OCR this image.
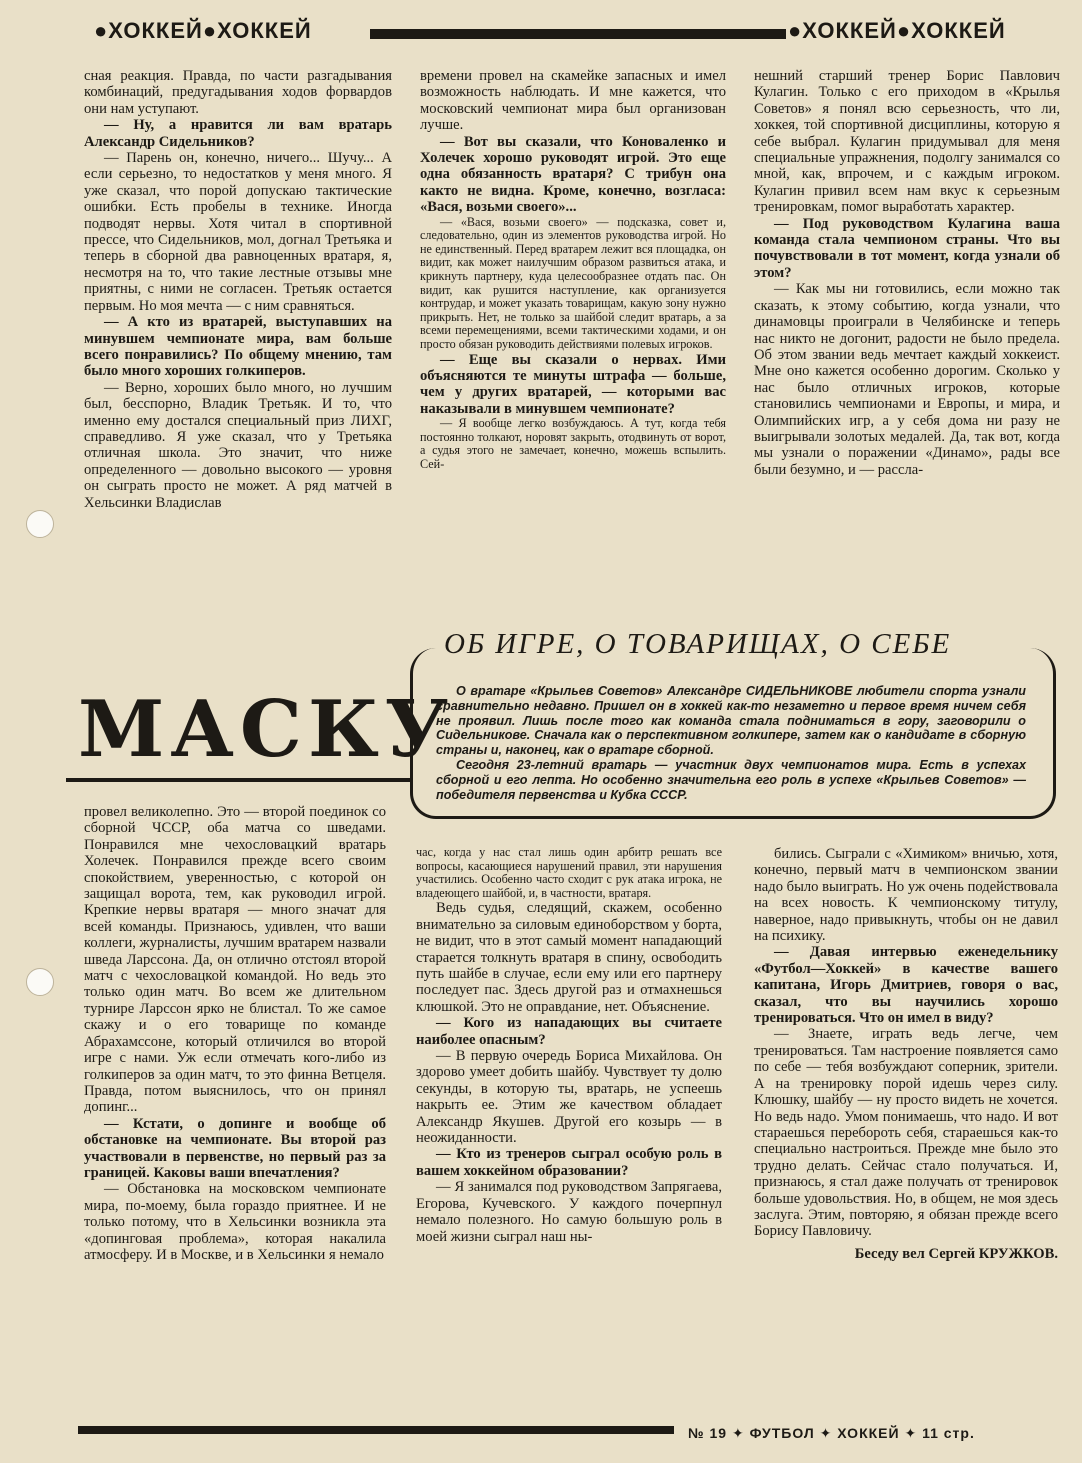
●ХОККЕЙ●ХОККЕЙ	●ХОККЕЙ●ХОККЕЙ

сная реакция. Правда, по части разгадывания комбинаций, предугадывания ходов форвардов они нам уступают.

— Ну, а нравится ли вам вратарь Александр Сидельников?

— Парень он, конечно, ничего... Шучу... А если серьезно, то недостатков у меня много. Я уже сказал, что порой допускаю тактические ошибки. Есть пробелы в технике. Иногда подводят нервы. Хотя читал в спортивной прессе, что Сидельников, мол, догнал Третьяка и теперь в сборной два равноценных вратаря, я, несмотря на то, что такие лестные отзывы мне приятны, с ними не согласен. Третьяк остается первым. Но моя мечта — с ним сравняться.

— А кто из вратарей, выступавших на минувшем чемпионате мира, вам больше всего понравились? По общему мнению, там было много хороших голкиперов.

— Верно, хороших было много, но лучшим был, бесспорно, Владик Третьяк. И то, что именно ему достался специальный приз ЛИХГ, справедливо. Я уже сказал, что у Третьяка отличная школа. Это значит, что ниже определенного — довольно высокого — уровня он сыграть просто не может. А ряд матчей в Хельсинки Владислав

времени провел на скамейке запасных и имел возможность наблюдать. И мне кажется, что московский чемпионат мира был организован лучше.

— Вот вы сказали, что Коноваленко и Холечек хорошо руководят игрой. Это еще одна обязанность вратаря? С трибун она както не видна. Кроме, конечно, возгласа: «Вася, возьми своего»...

— «Вася, возьми своего» — подсказка, совет и, следовательно, один из элементов руководства игрой. Но не единственный. Перед вратарем лежит вся площадка, он видит, как может наилучшим образом развиться атака, и крикнуть партнеру, куда целесообразнее отдать пас. Он видит, как рушится наступление, как организуется контрудар, и может указать товарищам, какую зону нужно прикрыть. Нет, не только за шайбой следит вратарь, а за всеми перемещениями, всеми тактическими ходами, и он просто обязан руководить действиями полевых игроков.

— Еще вы сказали о нервах. Ими объясняются те минуты штрафа — больше, чем у других вратарей, — которыми вас наказывали в минувшем чемпионате?

— Я вообще легко возбуждаюсь. А тут, когда тебя постоянно толкают, норовят закрыть, отодвинуть от ворот, а судья этого не замечает, конечно, можешь вспылить. Сей-

нешний старший тренер Борис Павлович Кулагин. Только с его приходом в «Крылья Советов» я понял всю серьезность, что ли, хоккея, той спортивной дисциплины, которую я себе выбрал. Кулагин придумывал для меня специальные упражнения, подолгу занимался со мной, как, впрочем, и с каждым игроком. Кулагин привил всем нам вкус к серьезным тренировкам, помог выработать характер.

— Под руководством Кулагина ваша команда стала чемпионом страны. Что вы почувствовали в тот момент, когда узнали об этом?

— Как мы ни готовились, если можно так сказать, к этому событию, когда узнали, что динамовцы проиграли в Челябинске и теперь нас никто не догонит, радости не было предела. Об этом звании ведь мечтает каждый хоккеист. Мне оно кажется особенно дорогим. Сколько у нас было отличных игроков, которые становились чемпионами и Европы, и мира, и Олимпийских игр, а у себя дома ни разу не выигрывали золотых медалей. Да, так вот, когда мы узнали о поражении «Динамо», рады все были безумно, и — расслa-

ОБ ИГРЕ, О ТОВАРИЩАХ, О СЕБЕ
МАСКУ О вратаре «Крыльев Советов» Александре СИДЕЛЬНИКОВЕ любители спорта узнали сравнительно недавно. Пришел он в хоккей как-то незаметно и первое время ничем себя не проявил. Лишь после того как команда стала подниматься в гору, заговорили о Сидельникове. Сначала как о перспективном голкипере, затем как о кандидате в сборную страны и, наконец, как о вратаре сборной.

Сегодня 23-летний вратарь — участник двух чемпионатов мира. Есть в успехах сборной и его лепта. Но особенно значительна его роль в успехе «Крыльев Советов» — победителя первенства и Кубка СССР.

провел великолепно. Это — второй поединок со сборной ЧССР, оба матча со шведами. Понравился мне чехословацкий вратарь Холечек. Понравился прежде всего своим спокойствием, уверенностью, с которой он защищал ворота, тем, как руководил игрой. Крепкие нервы вратаря — много значат для всей команды. Признаюсь, удивлен, что ваши коллеги, журналисты, лучшим вратарем назвали шведа Ларссона. Да, он отлично отстоял второй матч с чехословацкой командой. Но ведь это только один матч. Во всем же длительном турнире Ларссон ярко не блистал. То же самое скажу и о его товарище по команде Абрахамссоне, который отличился во второй игре с нами. Уж если отмечать кого-либо из голкиперов за один матч, то это финна Ветцеля. Правда, потом выяснилось, что он принял допинг...

— Кстати, о допинге и вообще об обстановке на чемпионате. Вы второй раз участвовали в первенстве, но первый раз за границей. Каковы ваши впечатления?

— Обстановка на московском чемпионате мира, по-моему, была гораздо приятнее. И не только потому, что в Хельсинки возникла эта «допинговая проблема», которая накалила атмосферу. И в Москве, и в Хельсинки я немало

час, когда у нас стал лишь один арбитр решать все вопросы, касающиеся нарушений правил, эти нарушения участились. Особенно часто сходит с рук атака игрока, не владеющего шайбой, и, в частности, вратаря.

Ведь судья, следящий, скажем, особенно внимательно за силовым единоборством у борта, не видит, что в этот самый момент нападающий старается толкнуть вратаря в спину, освободить путь шайбе в случае, если ему или его партнеру последует пас. Здесь другой раз и отмахнешься клюшкой. Это не оправдание, нет. Объяснение.

— Кого из нападающих вы считаете наиболее опасным?

— В первую очередь Бориса Михайлова. Он здорово умеет добить шайбу. Чувствует ту долю секунды, в которую ты, вратарь, не успеешь накрыть ее. Этим же качеством обладает Александр Якушев. Другой его козырь — в неожиданности.

— Кто из тренеров сыграл особую роль в вашем хоккейном образовании?

— Я занимался под руководством Запрягаева, Егорова, Кучевского. У каждого почерпнул немало полезного. Но самую большую роль в моей жизни сыграл наш ны-

бились. Сыграли с «Химиком» вничью, хотя, конечно, первый матч в чемпионском звании надо было выиграть. Но уж очень подействовала на всех новость. К чемпионскому титулу, наверное, надо привыкнуть, чтобы он не давил на психику.

— Давая интервью еженедельнику «Футбол—Хоккей» в качестве вашего капитана, Игорь Дмитриев, говоря о вас, сказал, что вы научились хорошо тренироваться. Что он имел в виду?

— Знаете, играть ведь легче, чем тренироваться. Там настроение появляется само по себе — тебя возбуждают соперник, зрители. А на тренировку порой идешь через силу. Клюшку, шайбу — ну просто видеть не хочется. Но ведь надо. Умом понимаешь, что надо. И вот стараешься переборoть себя, стараешься как-то специально настроиться. Прежде мне было это трудно делать. Сейчас стало получаться. И, признаюсь, я стал даже получать от тренировок больше удовольствия. Но, в общем, не моя здесь заслуга. Этим, повторяю, я обязан прежде всего Борису Павловичу.

Беседу вел Сергей КРУЖКОВ.

№ 19 ✦ ФУТБОЛ ✦ ХОККЕЙ ✦ 11 стр.
